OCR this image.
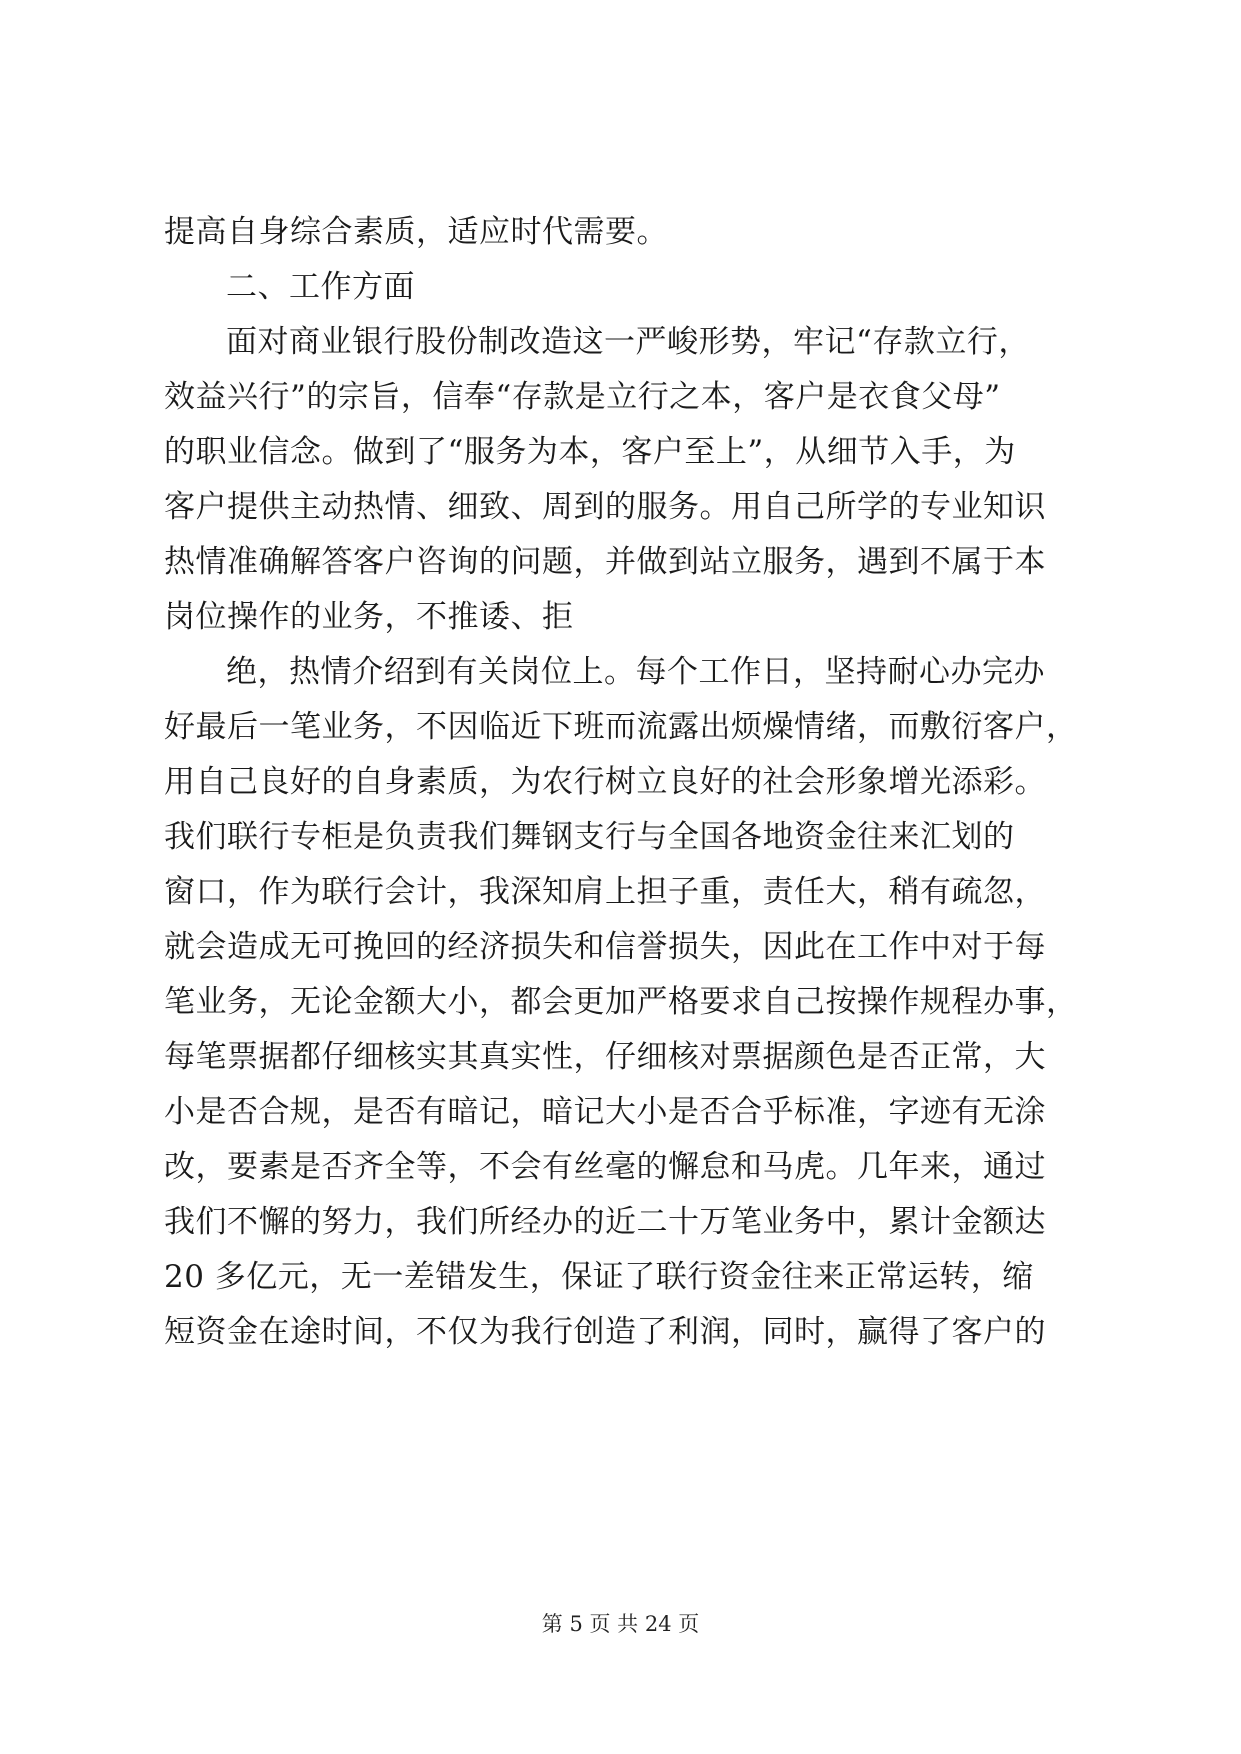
提高自身综合素质，适应时代需要。
二、工作方面
面对商业银行股份制改造这一严峻形势，牢记“存款立行，
效益兴行”的宗旨，信奉“存款是立行之本，客户是衣食父母”
的职业信念。做到了“服务为本，客户至上”，从细节入手，为
客户提供主动热情、细致、周到的服务。用自己所学的专业知识
热情准确解答客户咨询的问题，并做到站立服务，遇到不属于本
岗位操作的业务，不推诿、拒
绝，热情介绍到有关岗位上。每个工作日，坚持耐心办完办
好最后一笔业务，不因临近下班而流露出烦燥情绪，而敷衍客户，
用自己良好的自身素质，为农行树立良好的社会形象增光添彩。
我们联行专柜是负责我们舞钢支行与全国各地资金往来汇划的
窗口，作为联行会计，我深知肩上担子重，责任大，稍有疏忽，
就会造成无可挽回的经济损失和信誉损失，因此在工作中对于每
笔业务，无论金额大小，都会更加严格要求自己按操作规程办事，
每笔票据都仔细核实其真实性，仔细核对票据颜色是否正常，大
小是否合规，是否有暗记，暗记大小是否合乎标准，字迹有无涂
改，要素是否齐全等，不会有丝毫的懈怠和马虎。几年来，通过
我们不懈的努力，我们所经办的近二十万笔业务中，累计金额达
20 多亿元，无一差错发生，保证了联行资金往来正常运转，缩
短资金在途时间，不仅为我行创造了利润，同时，赢得了客户的
第 5 页 共 24 页
